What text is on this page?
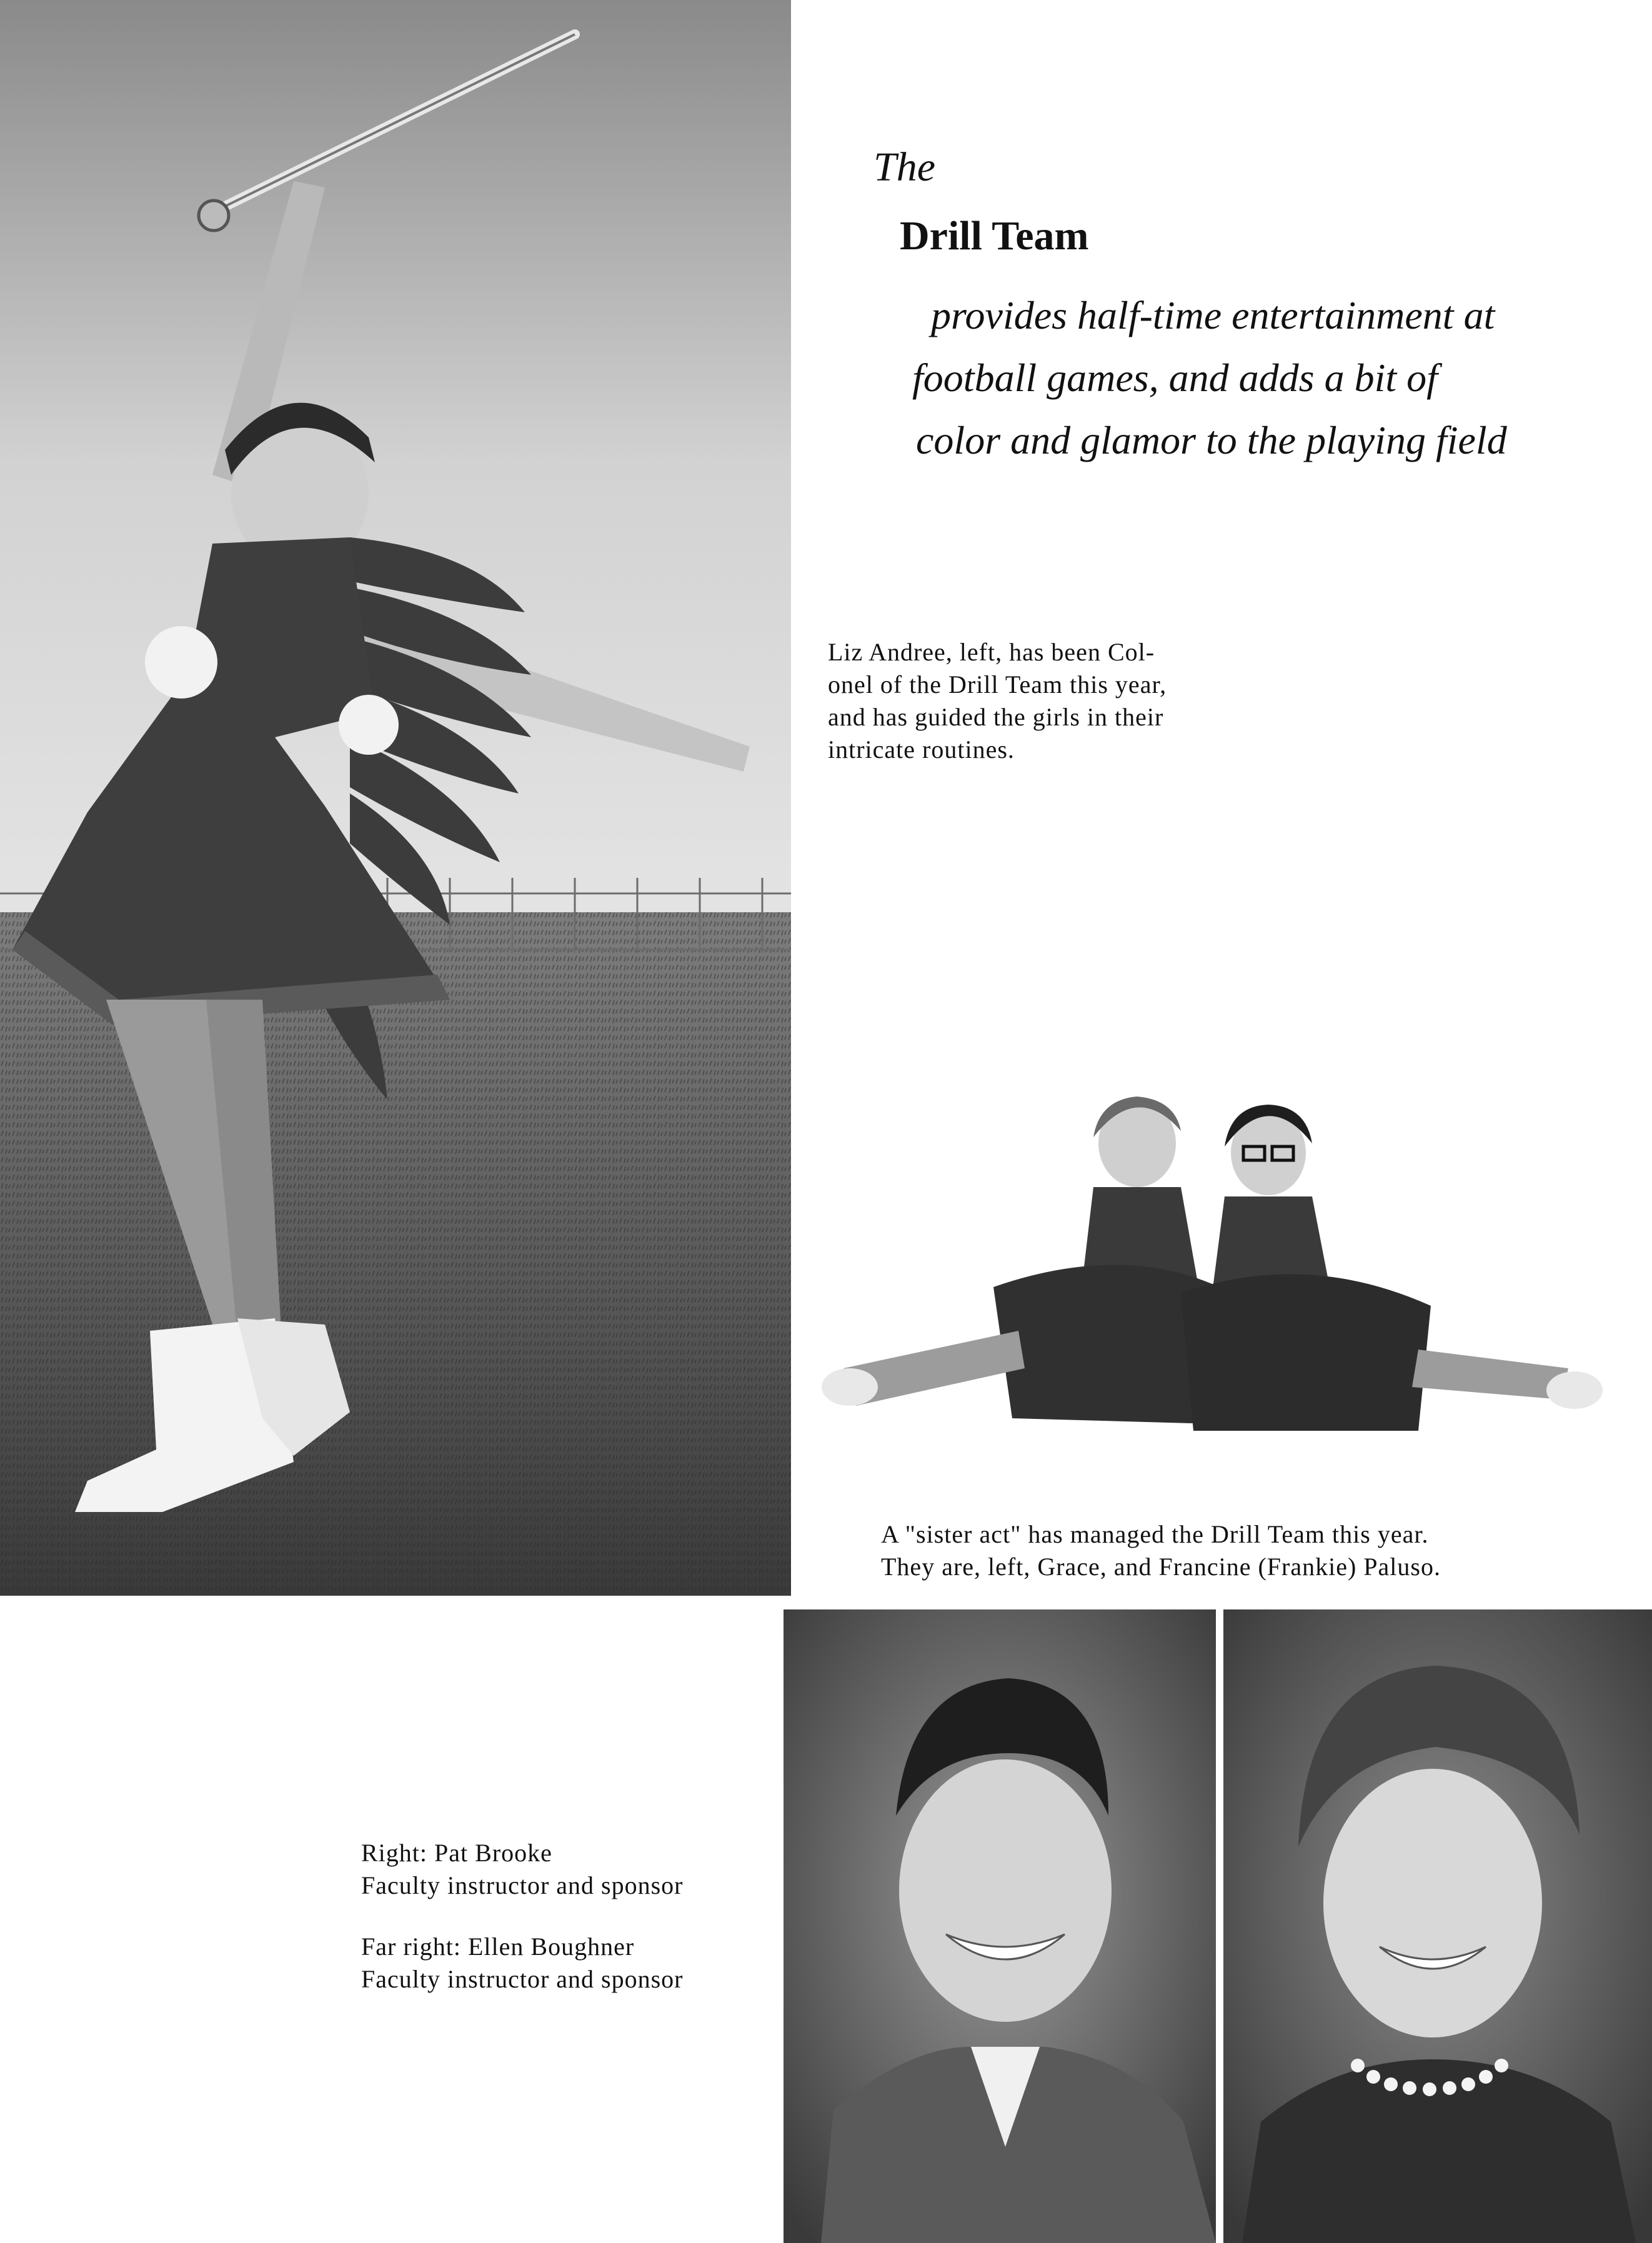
The
Drill Team
provides half-time entertainment at
football games, and adds a bit of
color and glamor to the playing field
Liz Andree, left, has been Col-
onel of the Drill Team this year,
and has guided the girls in their
intricate routines.
A "sister act" has managed the Drill Team this year.
They are, left, Grace, and Francine (Frankie) Paluso.
Right: Pat Brooke
Faculty instructor and sponsor
Far right: Ellen Boughner
Faculty instructor and sponsor
